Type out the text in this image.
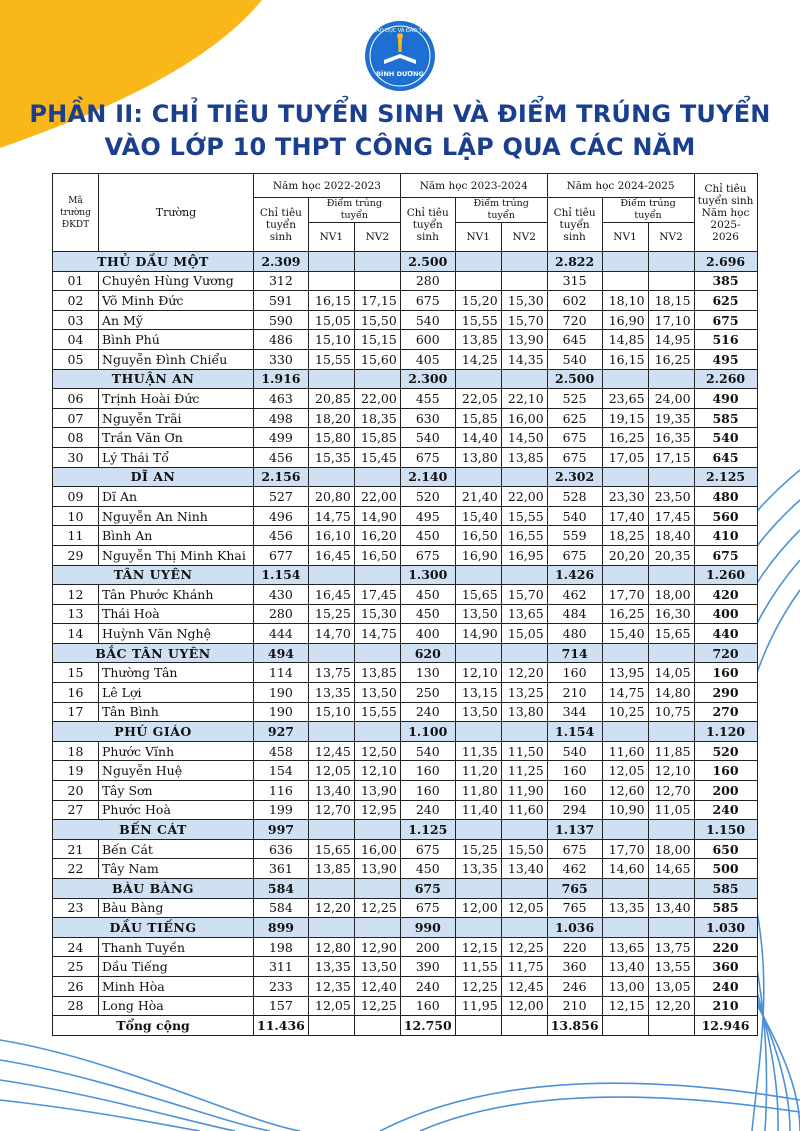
GIÁO DỤC VÀ ĐÀO TẠO
BÌNH DƯƠNG
PHẦN II: CHỈ TIÊU TUYỂN SINH VÀ ĐIỂM TRÚNG TUYỂN
VÀO LỚP 10 THPT CÔNG LẬP QUA CÁC NĂM
Mã trường ĐKDT	Trường	Năm học 2022-2023			Năm học 2023-2024			Năm học 2024-2025			Chỉ tiêu tuyển sinh
Năm học 2025-2026

		Chỉ tiêu tuyển sinh	Điểm trúng tuyển		Chỉ tiêu tuyển sinh	Điểm trúng tuyển		Chỉ tiêu tuyển sinh	Điểm trúng tuyển		
			NV1	NV2		NV1	NV2		NV1	NV2	
THỦ DẦU MỘT		2.309			2.500			2.822			2.696
01	Chuyên Hùng Vương	312			280			315			385
02	Võ Minh Đức	591	16,15	17,15	675	15,20	15,30	602	18,10	18,15	625
03	An Mỹ	590	15,05	15,50	540	15,55	15,70	720	16,90	17,10	675
04	Bình Phú	486	15,10	15,15	600	13,85	13,90	645	14,85	14,95	516
05	Nguyễn Đình Chiểu	330	15,55	15,60	405	14,25	14,35	540	16,15	16,25	495
THUẬN AN		1.916			2.300			2.500			2.260
06	Trịnh Hoài Đức	463	20,85	22,00	455	22,05	22,10	525	23,65	24,00	490
07	Nguyễn Trãi	498	18,20	18,35	630	15,85	16,00	625	19,15	19,35	585
08	Trần Văn Ơn	499	15,80	15,85	540	14,40	14,50	675	16,25	16,35	540
30	Lý Thái Tổ	456	15,35	15,45	675	13,80	13,85	675	17,05	17,15	645
DĨ AN		2.156			2.140			2.302			2.125
09	Dĩ An	527	20,80	22,00	520	21,40	22,00	528	23,30	23,50	480
10	Nguyễn An Ninh	496	14,75	14,90	495	15,40	15,55	540	17,40	17,45	560
11	Bình An	456	16,10	16,20	450	16,50	16,55	559	18,25	18,40	410
29	Nguyễn Thị Minh Khai	677	16,45	16,50	675	16,90	16,95	675	20,20	20,35	675
TÂN UYÊN		1.154			1.300			1.426			1.260
12	Tân Phước Khánh	430	16,45	17,45	450	15,65	15,70	462	17,70	18,00	420
13	Thái Hoà	280	15,25	15,30	450	13,50	13,65	484	16,25	16,30	400
14	Huỳnh Văn Nghệ	444	14,70	14,75	400	14,90	15,05	480	15,40	15,65	440
BẮC TÂN UYÊN		494			620			714			720
15	Thường Tân	114	13,75	13,85	130	12,10	12,20	160	13,95	14,05	160
16	Lê Lợi	190	13,35	13,50	250	13,15	13,25	210	14,75	14,80	290
17	Tân Bình	190	15,10	15,55	240	13,50	13,80	344	10,25	10,75	270
PHÚ GIÁO		927			1.100			1.154			1.120
18	Phước Vĩnh	458	12,45	12,50	540	11,35	11,50	540	11,60	11,85	520
19	Nguyễn Huệ	154	12,05	12,10	160	11,20	11,25	160	12,05	12,10	160
20	Tây Sơn	116	13,40	13,90	160	11,80	11,90	160	12,60	12,70	200
27	Phước Hoà	199	12,70	12,95	240	11,40	11,60	294	10,90	11,05	240
BẾN CÁT		997			1.125			1.137			1.150
21	Bến Cát	636	15,65	16,00	675	15,25	15,50	675	17,70	18,00	650
22	Tây Nam	361	13,85	13,90	450	13,35	13,40	462	14,60	14,65	500
BÀU BÀNG		584			675			765			585
23	Bàu Bàng	584	12,20	12,25	675	12,00	12,05	765	13,35	13,40	585
DẦU TIẾNG		899			990			1.036			1.030
24	Thanh Tuyền	198	12,80	12,90	200	12,15	12,25	220	13,65	13,75	220
25	Dầu Tiếng	311	13,35	13,50	390	11,55	11,75	360	13,40	13,55	360
26	Minh Hòa	233	12,35	12,40	240	12,25	12,45	246	13,00	13,05	240
28	Long Hòa	157	12,05	12,25	160	11,95	12,00	210	12,15	12,20	210
Tổng cộng		11.436			12.750			13.856			12.946
